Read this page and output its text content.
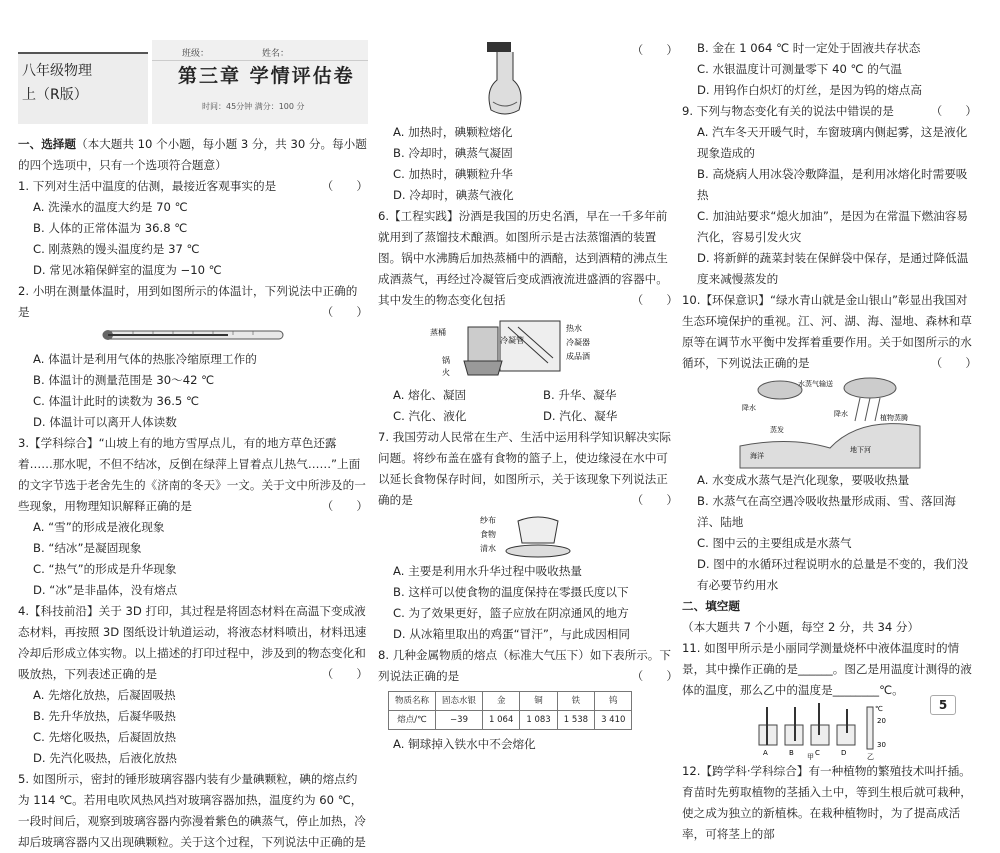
八年级物理
上（R版）
班级：	姓名：
第三章 学情评估卷
时间：45分钟 满分：100 分

一、选择题（本大题共 10 个小题，每小题 3 分，共 30 分。每小题的四个选项中，只有一个选项符合题意）

1. 下列对生活中温度的估测，最接近客观事实的是	（　　）

A. 洗澡水的温度大约是 70 ℃

B. 人体的正常体温为 36.8 ℃

C. 刚蒸熟的馒头温度约是 37 ℃

D. 常见冰箱保鲜室的温度为 −10 ℃

2. 小明在测量体温时，用到如图所示的体温计，下列说法中正确的是	（　　）

A. 体温计是利用气体的热胀冷缩原理工作的

B. 体温计的测量范围是 30～42 ℃

C. 体温计此时的读数为 36.5 ℃

D. 体温计可以离开人体读数

3.【学科综合】“山坡上有的地方雪厚点儿，有的地方草色还露着……那水呢，不但不结冰，反倒在绿萍上冒着点儿热气……”上面的文字节选于老舍先生的《济南的冬天》一文。关于文中所涉及的一些现象，用物理知识解释正确的是	（　　）

A. “雪”的形成是液化现象

B. “结冰”是凝固现象

C. “热气”的形成是升华现象

D. “冰”是非晶体，没有熔点

4.【科技前沿】关于 3D 打印，其过程是将固态材料在高温下变成液态材料，再按照 3D 图纸设计轨道运动，将液态材料喷出，材料迅速冷却后形成立体实物。以上描述的打印过程中，涉及到的物态变化和吸放热，下列表述正确的是	（　　）

A. 先熔化放热，后凝固吸热

B. 先升华放热，后凝华吸热

C. 先熔化吸热，后凝固放热

D. 先汽化吸热，后液化放热

5. 如图所示，密封的锤形玻璃容器内装有少量碘颗粒，碘的熔点约为 114 ℃。若用电吹风热风挡对玻璃容器加热，温度约为 60 ℃，一段时间后，观察到玻璃容器内弥漫着紫色的碘蒸气，停止加热，冷却后玻璃容器内又出现碘颗粒。关于这个过程，下列说法中正确的是

（　　）

A. 加热时，碘颗粒熔化

B. 冷却时，碘蒸气凝固

C. 加热时，碘颗粒升华

D. 冷却时，碘蒸气液化

6.【工程实践】汾酒是我国的历史名酒，早在一千多年前就用到了蒸馏技术酿酒。如图所示是古法蒸馏酒的装置图。锅中水沸腾后加热蒸桶中的酒醅，达到酒精的沸点生成酒蒸气，再经过冷凝管后变成酒液流进盛酒的容器中。其中发生的物态变化包括	（　　）

蒸桶
冷凝管
锅
火
热水
冷凝器
成品酒

A. 熔化、凝固	B. 升华、凝华

C. 汽化、液化	D. 汽化、凝华

7. 我国劳动人民常在生产、生活中运用科学知识解决实际问题。将纱布盖在盛有食物的篮子上，使边缘浸在水中可以延长食物保存时间，如图所示，关于该现象下列说法正确的是	（　　）

纱布
食物
清水

A. 主要是利用水升华过程中吸收热量

B. 这样可以使食物的温度保持在零摄氏度以下

C. 为了效果更好，篮子应放在阴凉通风的地方

D. 从冰箱里取出的鸡蛋“冒汗”，与此成因相同

8. 几种金属物质的熔点（标准大气压下）如下表所示。下列说法正确的是	（　　）

物质名称	固态水银	金	铜	铁	钨
熔点/℃	−39	1 064	1 083	1 538	3 410

A. 铜球掉入铁水中不会熔化

B. 金在 1 064 ℃ 时一定处于固液共存状态

C. 水银温度计可测量零下 40 ℃ 的气温

D. 用钨作白炽灯的灯丝，是因为钨的熔点高

9. 下列与物态变化有关的说法中错误的是	（　　）

A. 汽车冬天开暖气时，车窗玻璃内侧起雾，这是液化现象造成的

B. 高烧病人用冰袋冷敷降温，是利用冰熔化时需要吸热

C. 加油站要求“熄火加油”，是因为在常温下燃油容易汽化，容易引发火灾

D. 将新鲜的蔬菜封装在保鲜袋中保存，是通过降低温度来减慢蒸发的

10.【环保意识】“绿水青山就是金山银山”彰显出我国对生态环境保护的重视。江、河、湖、海、湿地、森林和草原等在调节水平衡中发挥着重要作用。关于如图所示的水循环，下列说法正确的是	（　　）

水蒸气输送
降水
降水
蒸发
植物蒸腾
海洋
地下河

A. 水变成水蒸气是汽化现象，要吸收热量

B. 水蒸气在高空遇冷吸收热量形成雨、雪、落回海洋、陆地

C. 图中云的主要组成是水蒸气

D. 图中的水循环过程说明水的总量是不变的，我们没有必要节约用水

二、填空题（本大题共 7 个小题，每空 2 分，共 34 分）

11. 如图甲所示是小丽同学测量烧杯中液体温度时的情景，其中操作正确的是______。图乙是用温度计测得的液体的温度，那么乙中的温度是________℃。

A	B	C	D
甲
℃
20
30
乙

12.【跨学科·学科综合】有一种植物的繁殖技术叫扦插。育苗时先剪取植物的茎插入土中，等到生根后就可栽种，使之成为独立的新植株。在栽种植物时，为了提高成活率，可将茎上的部

5
